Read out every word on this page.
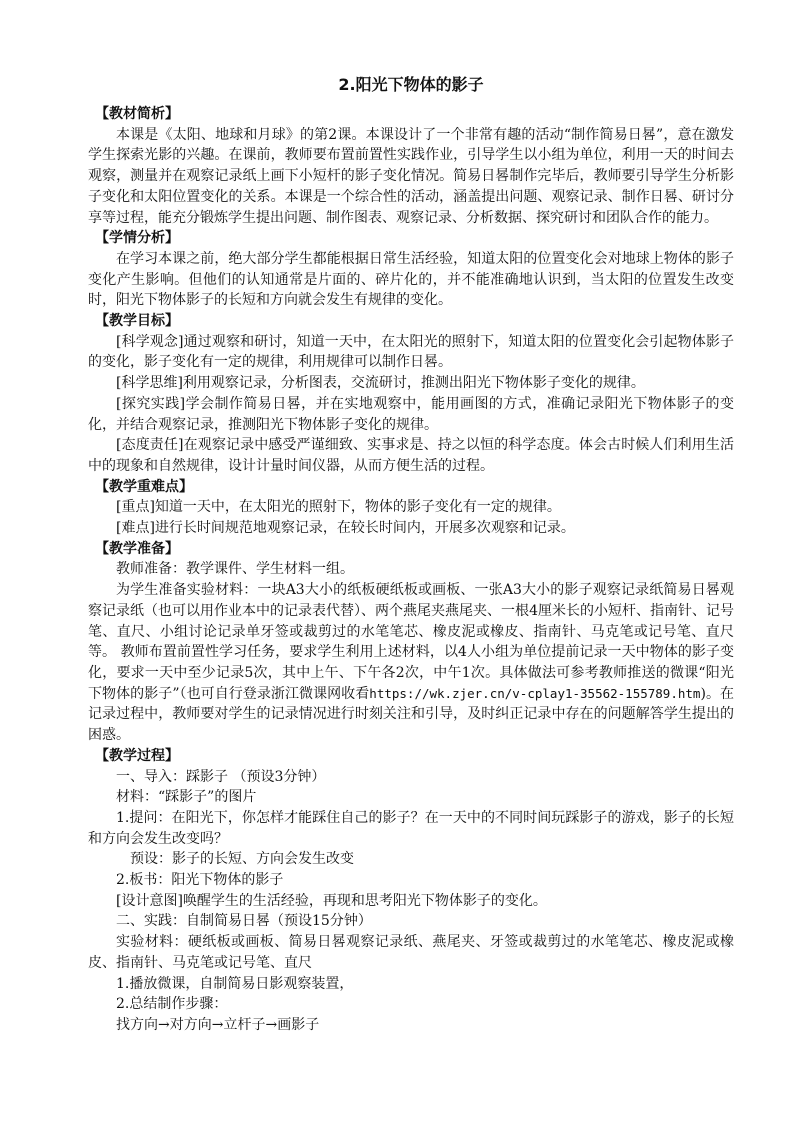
2.阳光下物体的影子

【教材简析】

本课是《太阳、地球和月球》的第2课。本课设计了一个非常有趣的活动“制作简易日晷”，意在激发学生探索光影的兴趣。在课前，教师要布置前置性实践作业，引导学生以小组为单位，利用一天的时间去观察，测量并在观察记录纸上画下小短杆的影子变化情况。简易日晷制作完毕后，教师要引导学生分析影子变化和太阳位置变化的关系。本课是一个综合性的活动，涵盖提出问题、观察记录、制作日晷、研讨分享等过程，能充分锻炼学生提出问题、制作图表、观察记录、分析数据、探究研讨和团队合作的能力。

【学情分析】

在学习本课之前，绝大部分学生都能根据日常生活经验，知道太阳的位置变化会对地球上物体的影子变化产生影响。但他们的认知通常是片面的、碎片化的，并不能准确地认识到，当太阳的位置发生改变时，阳光下物体影子的长短和方向就会发生有规律的变化。

【教学目标】

[科学观念]通过观察和研讨，知道一天中，在太阳光的照射下，知道太阳的位置变化会引起物体影子的变化，影子变化有一定的规律，利用规律可以制作日晷。

[科学思维]利用观察记录，分析图表，交流研讨，推测出阳光下物体影子变化的规律。

[探究实践]学会制作简易日晷，并在实地观察中，能用画图的方式，准确记录阳光下物体影子的变化，并结合观察记录，推测阳光下物体影子变化的规律。

[态度责任]在观察记录中感受严谨细致、实事求是、持之以恒的科学态度。体会古时候人们利用生活中的现象和自然规律，设计计量时间仪器，从而方便生活的过程。

【教学重难点】

[重点]知道一天中，在太阳光的照射下，物体的影子变化有一定的规律。

[难点]进行长时间规范地观察记录，在较长时间内，开展多次观察和记录。

【教学准备】

教师准备：教学课件、学生材料一组。

为学生准备实验材料：一块A3大小的纸板硬纸板或画板、一张A3大小的影子观察记录纸简易日晷观察记录纸（也可以用作业本中的记录表代替）、两个燕尾夹燕尾夹、一根4厘米长的小短杆、指南针、记号笔、直尺、小组讨论记录单牙签或裁剪过的水笔笔芯、橡皮泥或橡皮、指南针、马克笔或记号笔、直尺等。 教师布置前置性学习任务，要求学生利用上述材料，以4人小组为单位提前记录一天中物体的影子变化，要求一天中至少记录5次，其中上午、下午各2次，中午1次。具体做法可参考教师推送的微课“阳光下物体的影子”（也可自行登录浙江微课网收看https://wk.zjer.cn/v-cplay1-35562-155789.htm)。在记录过程中，教师要对学生的记录情况进行时刻关注和引导，及时纠正记录中存在的问题解答学生提出的困惑。

【教学过程】

一、导入：踩影子 （预设3分钟）

材料：“踩影子”的图片

1.提问：在阳光下，你怎样才能踩住自己的影子？在一天中的不同时间玩踩影子的游戏，影子的长短和方向会发生改变吗？

预设：影子的长短、方向会发生改变

2.板书：阳光下物体的影子

[设计意图]唤醒学生的生活经验，再现和思考阳光下物体影子的变化。

二、实践：自制简易日晷（预设15分钟）

实验材料：硬纸板或画板、简易日晷观察记录纸、燕尾夹、牙签或裁剪过的水笔笔芯、橡皮泥或橡皮、指南针、马克笔或记号笔、直尺

1.播放微课，自制简易日影观察装置，

2.总结制作步骤：

找方向→对方向→立杆子→画影子
